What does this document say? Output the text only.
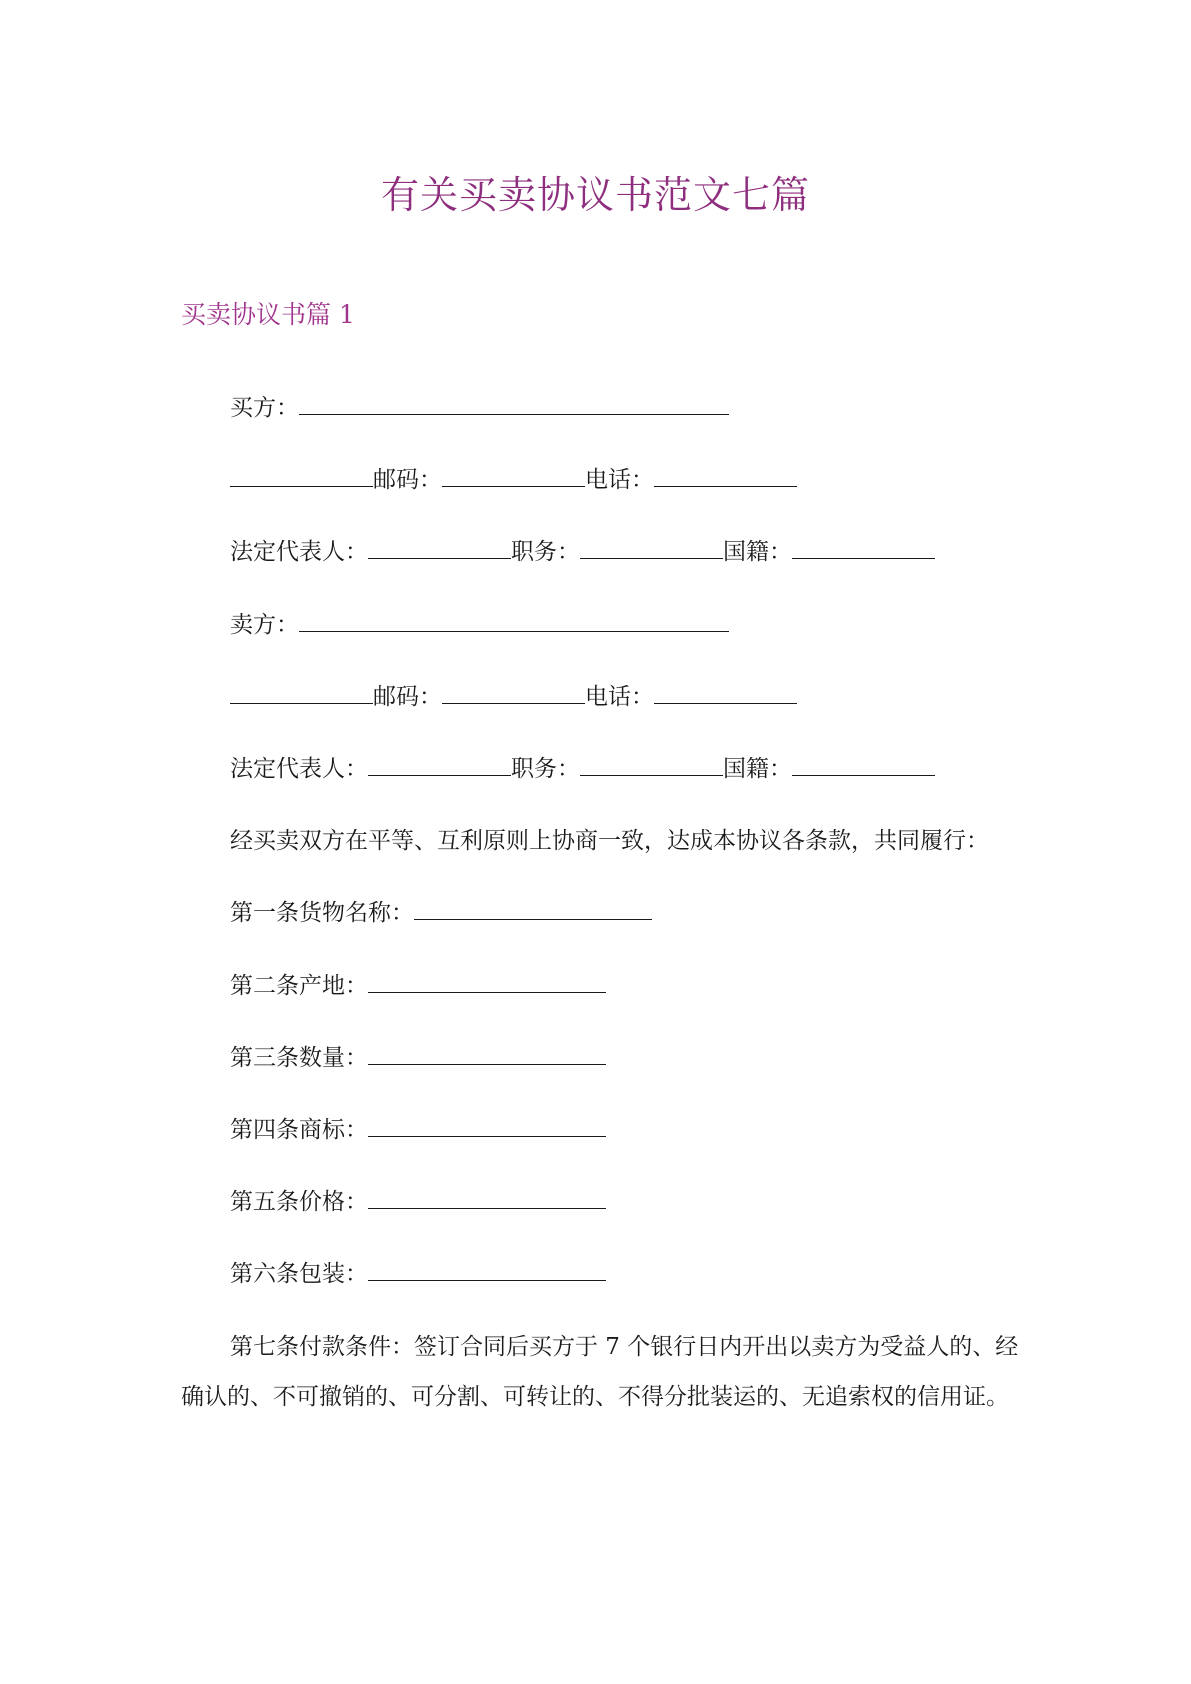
有关买卖协议书范文七篇
买卖协议书篇 1
买方：
邮码：	电话：
法定代表人：	职务：	国籍：
卖方：
邮码：	电话：
法定代表人：	职务：	国籍：
经买卖双方在平等、互利原则上协商一致，达成本协议各条款，共同履行：
第一条货物名称：
第二条产地：
第三条数量：
第四条商标：
第五条价格：
第六条包装：
第七条付款条件：签订合同后买方于 7 个银行日内开出以卖方为受益人的、经确认的、不可撤销的、可分割、可转让的、不得分批装运的、无追索权的信用证。
